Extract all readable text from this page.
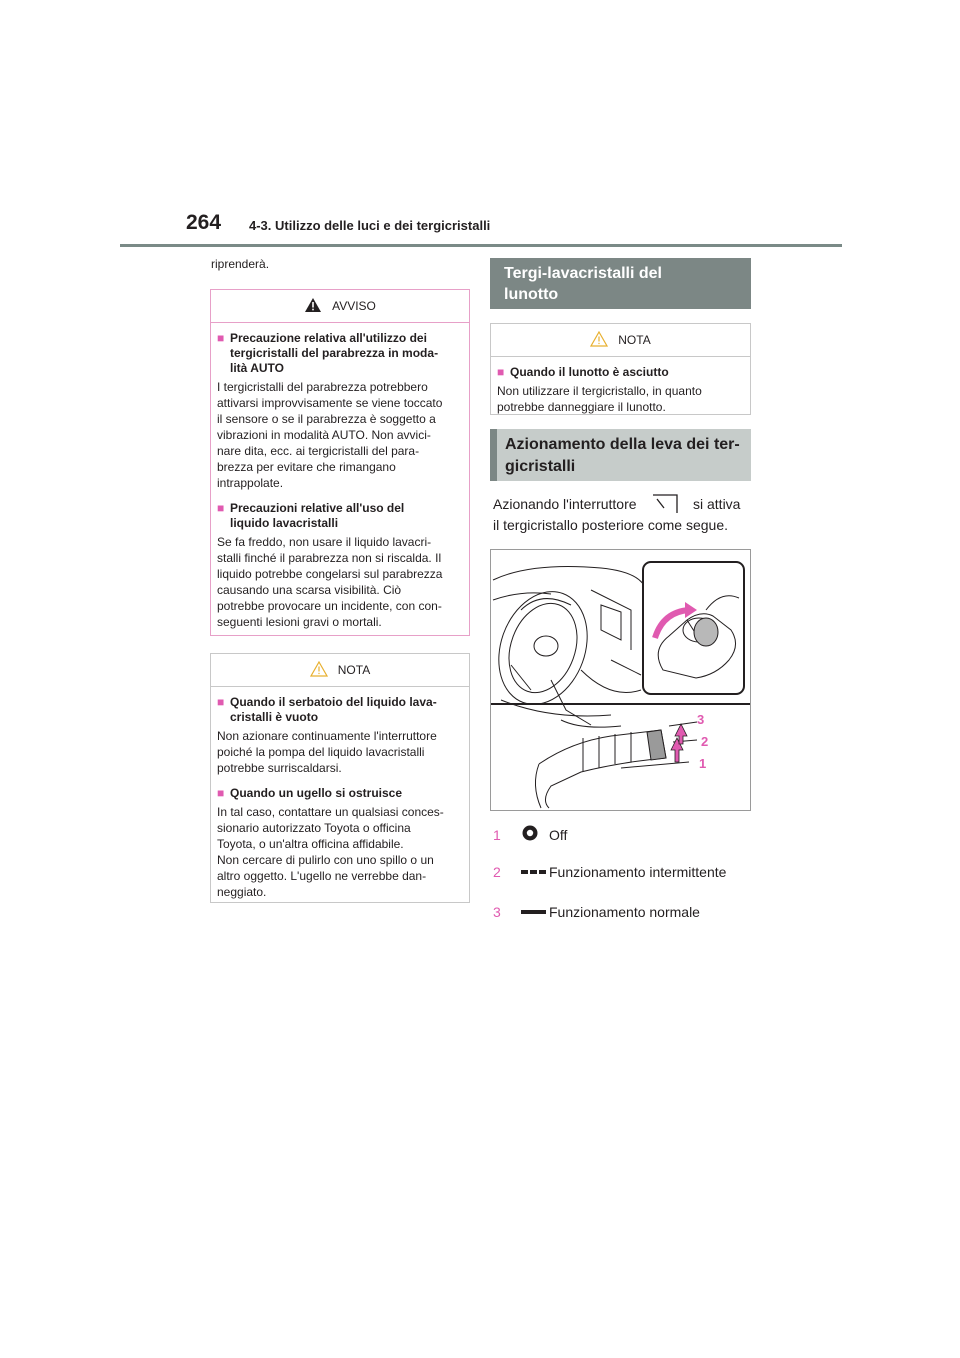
264 4-3. Utilizzo delle luci e dei tergicristalli
riprenderà.
AVVISO
■ Precauzione relativa all'utilizzo dei
tergicristalli del parabrezza in moda-
lità AUTO
I tergicristalli del parabrezza potrebbero
attivarsi improvvisamente se viene toccato
il sensore o se il parabrezza è soggetto a
vibrazioni in modalità AUTO. Non avvici-
nare dita, ecc. ai tergicristalli del para-
brezza per evitare che rimangano
intrappolate.
■ Precauzioni relative all'uso del
liquido lavacristalli
Se fa freddo, non usare il liquido lavacri-
stalli finché il parabrezza non si riscalda. Il
liquido potrebbe congelarsi sul parabrezza
causando una scarsa visibilità. Ciò
potrebbe provocare un incidente, con con-
seguenti lesioni gravi o mortali.
NOTA
■ Quando il serbatoio del liquido lava-
cristalli è vuoto
Non azionare continuamente l'interruttore
poiché la pompa del liquido lavacristalli
potrebbe surriscaldarsi.
■ Quando un ugello si ostruisce
In tal caso, contattare un qualsiasi conces-
sionario autorizzato Toyota o officina
Toyota, o un'altra officina affidabile.
Non cercare di pulirlo con uno spillo o un
altro oggetto. L'ugello ne verrebbe dan-
neggiato.
Tergi-lavacristalli del
lunotto
NOTA
■ Quando il lunotto è asciutto
Non utilizzare il tergicristallo, in quanto
potrebbe danneggiare il lunotto.
Azionamento della leva dei ter-
gicristalli
Azionando l'interruttore	si attiva
il tergicristallo posteriore come segue.
3
2
1
1	Off
2	Funzionamento intermittente
3	Funzionamento normale
